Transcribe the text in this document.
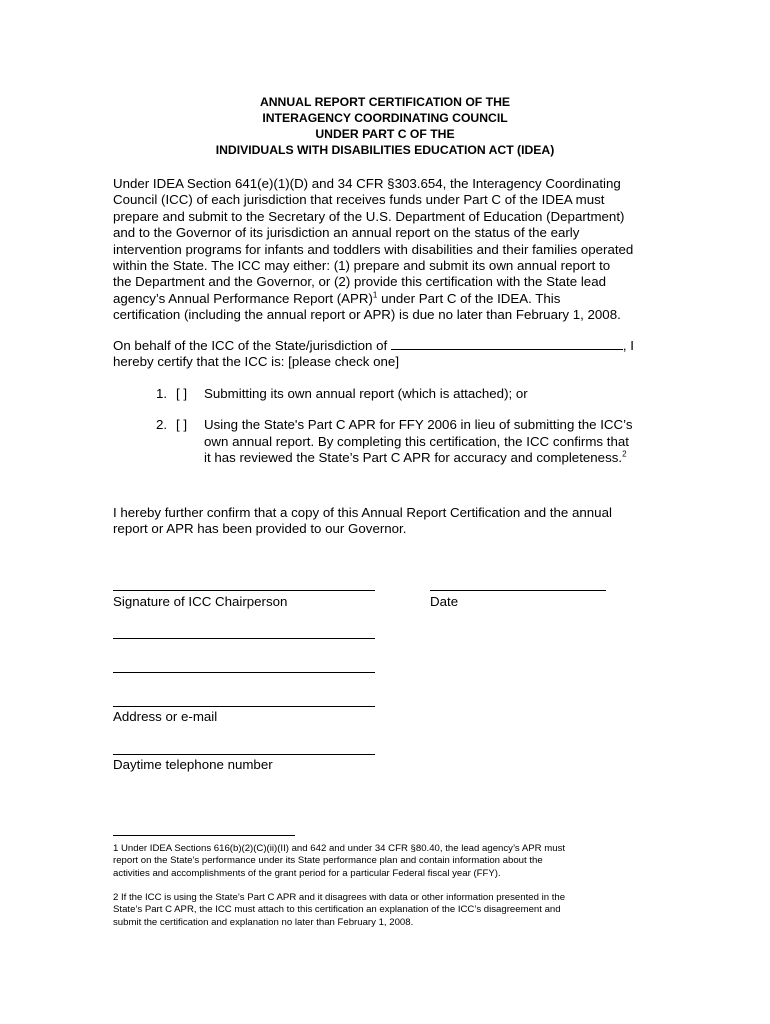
ANNUAL REPORT CERTIFICATION OF THE
INTERAGENCY COORDINATING COUNCIL
UNDER PART C OF THE
INDIVIDUALS WITH DISABILITIES EDUCATION ACT (IDEA)
Under IDEA Section 641(e)(1)(D) and 34 CFR §303.654, the Interagency Coordinating
Council (ICC) of each jurisdiction that receives funds under Part C of the IDEA must
prepare and submit to the Secretary of the U.S. Department of Education (Department)
and to the Governor of its jurisdiction an annual report on the status of the early
intervention programs for infants and toddlers with disabilities and their families operated
within the State. The ICC may either: (1) prepare and submit its own annual report to
the Department and the Governor, or (2) provide this certification with the State lead
agency’s Annual Performance Report (APR)$^1$ under Part C of the IDEA. This
certification (including the annual report or APR) is due no later than February 1, 2008.
On behalf of the ICC of the State/jurisdiction of	, I
hereby certify that the ICC is: [please check one]
1. [ ] Submitting its own annual report (which is attached); or
2. [ ] Using the State's Part C APR for FFY 2006 in lieu of submitting the ICC’s
own annual report. By completing this certification, the ICC confirms that
it has reviewed the State’s Part C APR for accuracy and completeness.$^2$
I hereby further confirm that a copy of this Annual Report Certification and the annual
report or APR has been provided to our Governor.
Signature of ICC Chairperson	Date
Address or e-mail
Daytime telephone number
1 Under IDEA Sections 616(b)(2)(C)(ii)(II) and 642 and under 34 CFR §80.40, the lead agency’s APR must
report on the State’s performance under its State performance plan and contain information about the
activities and accomplishments of the grant period for a particular Federal fiscal year (FFY).
2 If the ICC is using the State’s Part C APR and it disagrees with data or other information presented in the
State’s Part C APR, the ICC must attach to this certification an explanation of the ICC’s disagreement and
submit the certification and explanation no later than February 1, 2008.
